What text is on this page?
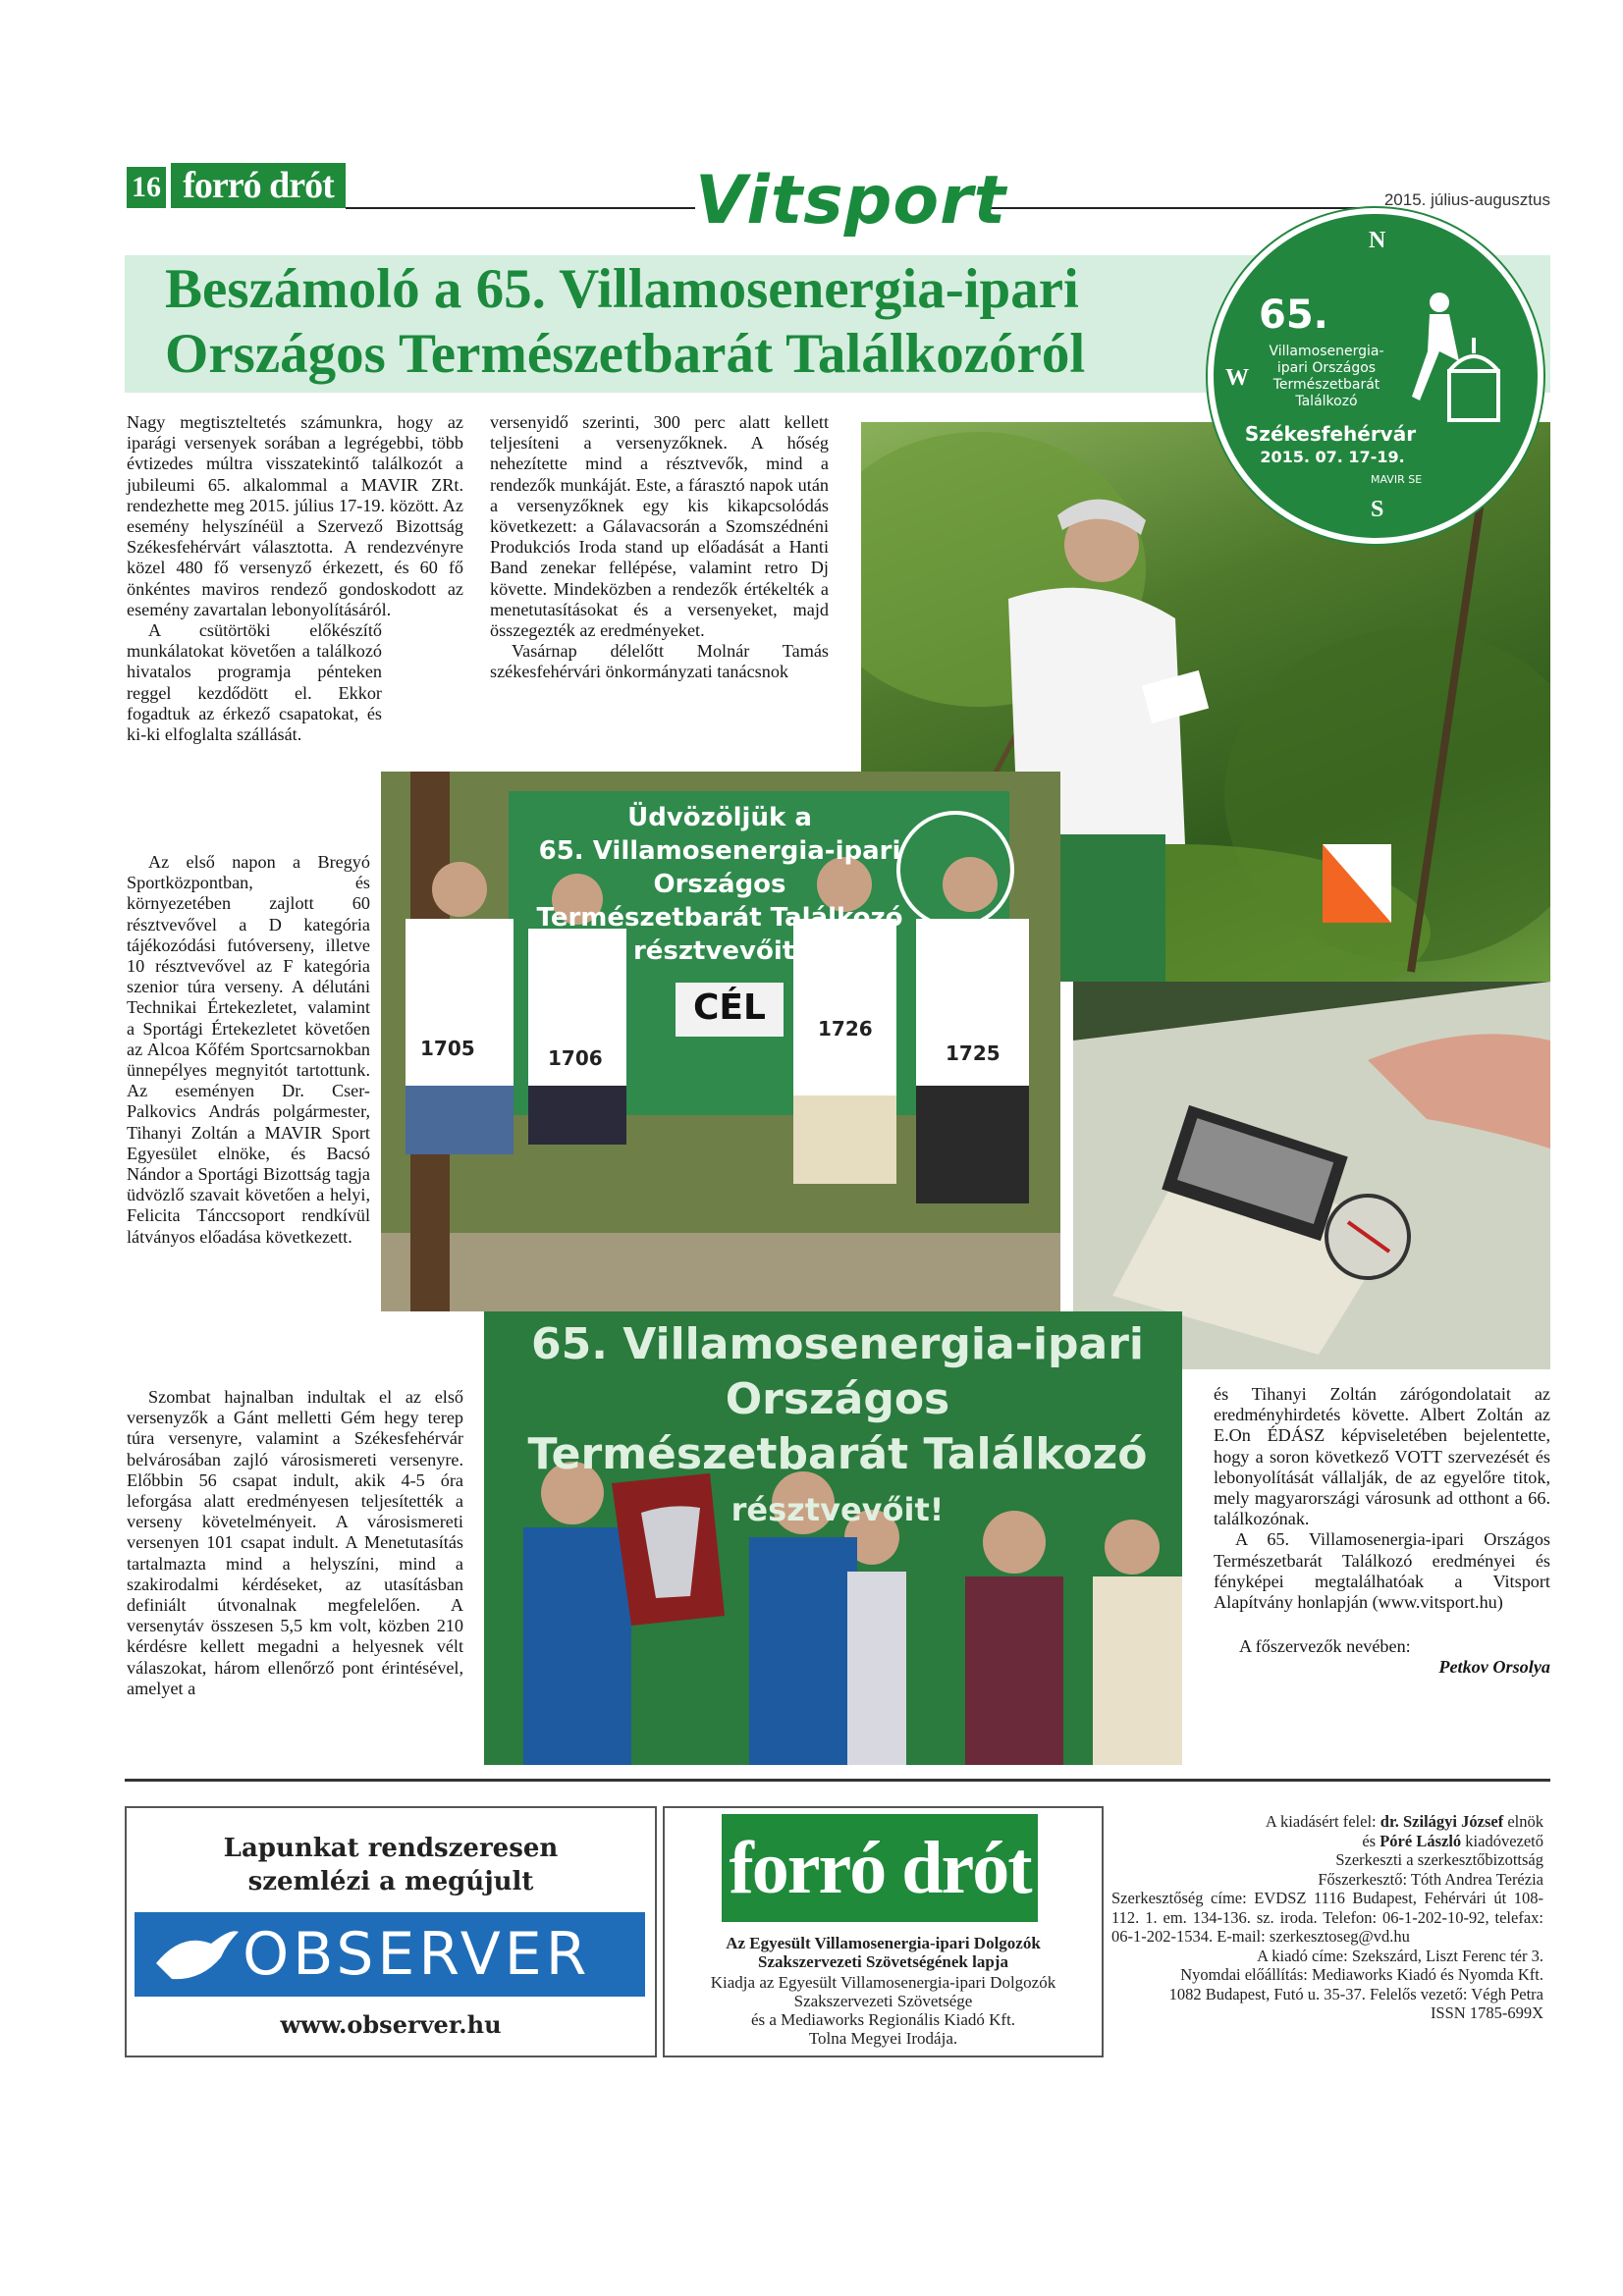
16 forró drót	Vitsport	2015. július-augusztus
Beszámoló a 65. Villamosenergia-ipari
Országos Természetbarát Találkozóról
N
S
W
65.
Villamosenergia-
ipari Országos
Természetbarát
Találkozó
Székesfehérvár
2015. 07. 17-19.
MAVIR SE

Nagy megtiszteltetés számunkra, hogy az iparági versenyek sorában a legrégebbi, több évtizedes múltra visszatekintő találkozót a jubileumi 65. alkalommal a MAVIR ZRt. rendezhette meg 2015. július 17-19. között. Az esemény helyszínéül a Szervező Bizottság Székesfehérvárt választotta. A rendezvényre közel 480 fő versenyző érkezett, és 60 fő önkéntes maviros rendező gondoskodott az esemény zavartalan lebonyolításáról.

A csütörtöki előkészítő munkálatokat követően a találkozó hivatalos programja pénteken reggel kezdődött el. Ekkor fogadtuk az érkező csapatokat, és ki-ki elfoglalta szállását.

Az első napon a Bregyó Sportközpontban, és környezetében zajlott 60 résztvevővel a D kategória tájékozódási futóverseny, illetve 10 résztvevővel az F kategória szenior túra verseny. A délutáni Technikai Értekezletet, valamint a Sportági Értekezletet követően az Alcoa Kőfém Sportcsarnokban ünnepélyes megnyitót tartottunk. Az eseményen Dr. Cser-Palkovics András polgármester, Tihanyi Zoltán a MAVIR Sport Egyesület elnöke, és Bacsó Nándor a Sportági Bizottság tagja üdvözlő szavait követően a helyi, Felicita Tánccsoport rendkívül látványos előadása következett.

Szombat hajnalban indultak el az első versenyzők a Gánt melletti Gém hegy terep túra versenyre, valamint a Székesfehérvár belvárosában zajló városismereti versenyre. Előbbin 56 csapat indult, akik 4-5 óra leforgása alatt eredményesen teljesítették a verseny követelményeit. A városismereti versenyen 101 csapat indult. A Menetutasítás tartalmazta mind a helyszíni, mind a szakirodalmi kérdéseket, az utasításban definiált útvonalnak megfelelően. A versenytáv összesen 5,5 km volt, közben 210 kérdésre kellett megadni a helyesnek vélt válaszokat, három ellenőrző pont érintésével, amelyet a

versenyidő szerinti, 300 perc alatt kellett teljesíteni a versenyzőknek. A hőség nehezítette mind a résztvevők, mind a rendezők munkáját. Este, a fárasztó napok után a versenyzőknek egy kis kikapcsolódás következett: a Gálavacsorán a Szomszédnéni Produkciós Iroda stand up előadását a Hanti Band zenekar fellépése, valamint retro Dj követte. Mindeközben a rendezők értékelték a menetutasításokat és a versenyeket, majd összegezték az eredményeket.

Vasárnap délelőtt Molnár Tamás székesfehérvári önkormányzati tanácsnok

Üdvözöljük a
65. Villamosenergia-ipari
Országos
Természetbarát Találkozó
résztvevőit!
CÉL
1705	1706
1726
1725
65. Villamosenergia-ipari
Országos
Természetbarát Találkozó
résztvevőit!

és Tihanyi Zoltán zárógondolatait az eredményhirdetés követte. Albert Zoltán az E.On ÉDÁSZ képviseletében bejelentette, hogy a soron következő VOTT szervezését és lebonyolítását vállalják, de az egyelőre titok, mely magyarországi városunk ad otthont a 66. találkozónak.

A 65. Villamosenergia-ipari Országos Természetbarát Találkozó eredményei és fényképei megtalálhatóak a Vitsport Alapítvány honlapján (www.vitsport.hu)

A főszervezők nevében:

Petkov Orsolya

Lapunkat rendszeresen
szemlézi a megújult
OBSERVER
www.observer.hu
forró drót
Az Egyesült Villamosenergia-ipari Dolgozók
Szakszervezeti Szövetségének lapja
Kiadja az Egyesült Villamosenergia-ipari Dolgozók
Szakszervezeti Szövetsége
és a Mediaworks Regionális Kiadó Kft.
Tolna Megyei Irodája.
A kiadásért felel: dr. Szilágyi József elnök
és Póré László kiadóvezető
Szerkeszti a szerkesztőbizottság
Főszerkesztő: Tóth Andrea Terézia
Szerkesztőség címe: EVDSZ 1116 Budapest, Fehérvári út 108-112. 1. em. 134-136. sz. iroda. Telefon: 06-1-202-10-92, telefax: 06-1-202-1534. E-mail: szerkesztoseg@vd.hu
A kiadó címe: Szekszárd, Liszt Ferenc tér 3.
Nyomdai előállítás: Mediaworks Kiadó és Nyomda Kft.
1082 Budapest, Futó u. 35-37. Felelős vezető: Végh Petra
ISSN 1785-699X
